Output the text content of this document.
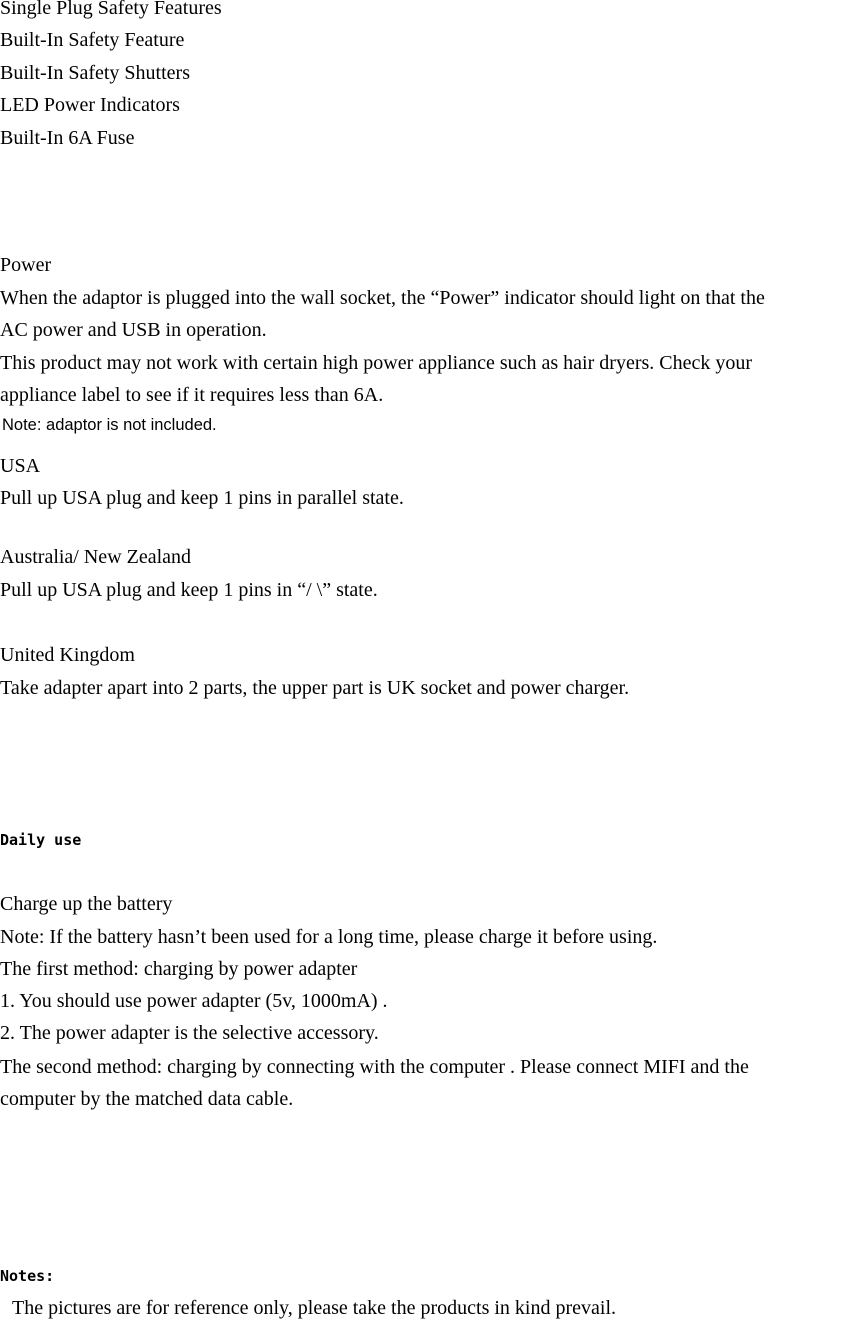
Single Plug Safety Features
Built-In Safety Feature
Built-In Safety Shutters
LED Power Indicators
Built-In 6A Fuse
Power
When the adaptor is plugged into the wall socket, the “Power” indicator should light on that the
AC power and USB in operation.
This product may not work with certain high power appliance such as hair dryers. Check your
appliance label to see if it requires less than 6A.
Note: adaptor is not included.
USA
Pull up USA plug and keep 1 pins in parallel state.
Australia/ New Zealand
Pull up USA plug and keep 1 pins in “/ \” state.
United Kingdom
Take adapter apart into 2 parts, the upper part is UK socket and power charger.
Daily use
Charge up the battery
Note: If the battery hasn’t been used for a long time, please charge it before using.
The first method: charging by power adapter
1. You should use power adapter (5v, 1000mA) .
2. The power adapter is the selective accessory.
The second method: charging by connecting with the computer . Please connect MIFI and the
computer by the matched data cable.
Notes:
The pictures are for reference only, please take the products in kind prevail.
